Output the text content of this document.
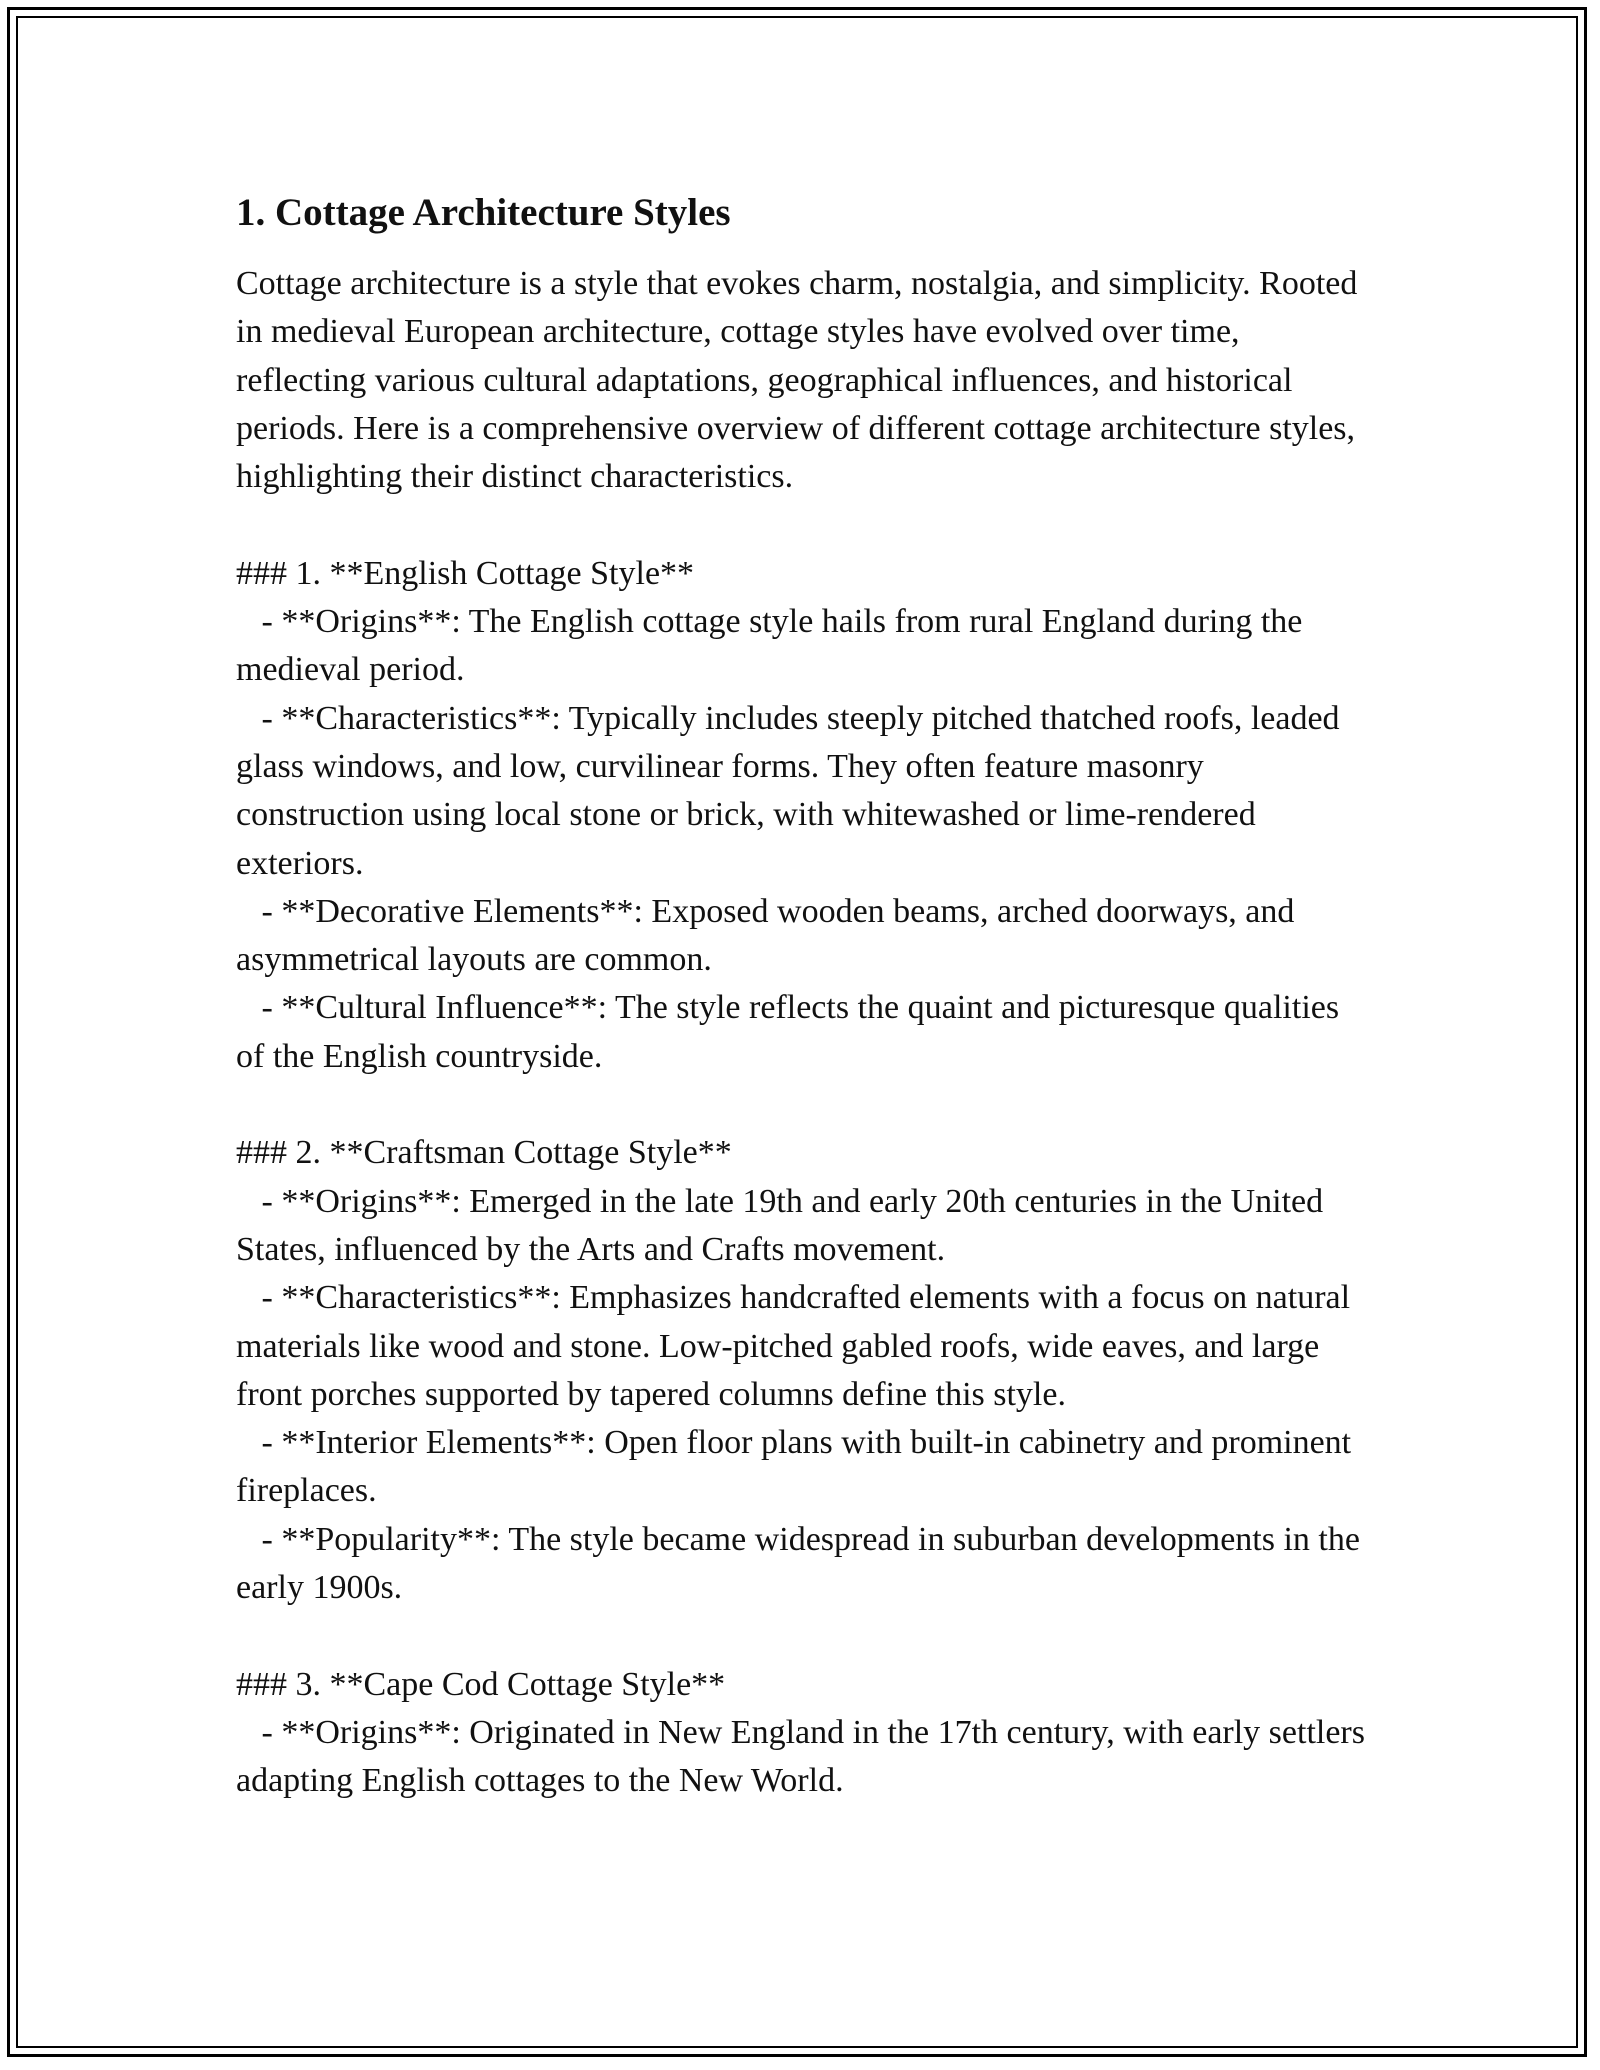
1. Cottage Architecture Styles

Cottage architecture is a style that evokes charm, nostalgia, and simplicity. Rooted in medieval European architecture, cottage styles have evolved over time, reflecting various cultural adaptations, geographical influences, and historical periods. Here is a comprehensive overview of different cottage architecture styles, highlighting their distinct characteristics.

### 1. **English Cottage Style**

- **Origins**: The English cottage style hails from rural England during the medieval period.

- **Characteristics**: Typically includes steeply pitched thatched roofs, leaded glass windows, and low, curvilinear forms. They often feature masonry construction using local stone or brick, with whitewashed or lime-rendered exteriors.

- **Decorative Elements**: Exposed wooden beams, arched doorways, and asymmetrical layouts are common.

- **Cultural Influence**: The style reflects the quaint and picturesque qualities of the English countryside.

### 2. **Craftsman Cottage Style**

- **Origins**: Emerged in the late 19th and early 20th centuries in the United States, influenced by the Arts and Crafts movement.

- **Characteristics**: Emphasizes handcrafted elements with a focus on natural materials like wood and stone. Low-pitched gabled roofs, wide eaves, and large front porches supported by tapered columns define this style.

- **Interior Elements**: Open floor plans with built-in cabinetry and prominent fireplaces.

- **Popularity**: The style became widespread in suburban developments in the early 1900s.

### 3. **Cape Cod Cottage Style**

- **Origins**: Originated in New England in the 17th century, with early settlers adapting English cottages to the New World.
